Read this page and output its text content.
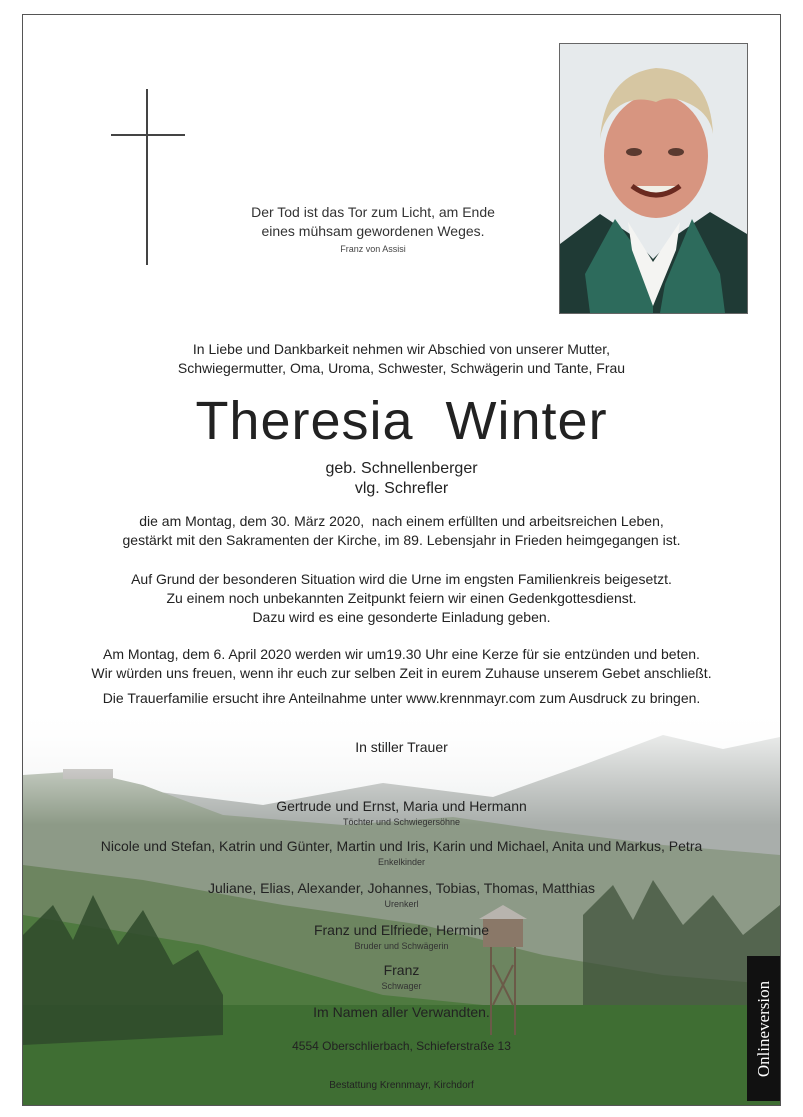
Der Tod ist das Tor zum Licht, am Ende
eines mühsam gewordenen Weges.
Franz von Assisi
In Liebe und Dankbarkeit nehmen wir Abschied von unserer Mutter,
Schwiegermutter, Oma, Uroma, Schwester, Schwägerin und Tante, Frau
Theresia  Winter
geb. Schnellenberger
vlg. Schrefler
die am Montag, dem 30. März 2020,  nach einem erfüllten und arbeitsreichen Leben,
gestärkt mit den Sakramenten der Kirche, im 89. Lebensjahr in Frieden heimgegangen ist.
Auf Grund der besonderen Situation wird die Urne im engsten Familienkreis beigesetzt.
Zu einem noch unbekannten Zeitpunkt feiern wir einen Gedenkgottesdienst.
Dazu wird es eine gesonderte Einladung geben.
Am Montag, dem 6. April 2020 werden wir um19.30 Uhr eine Kerze für sie entzünden und beten.
Wir würden uns freuen, wenn ihr euch zur selben Zeit in eurem Zuhause unserem Gebet anschließt.
Die Trauerfamilie ersucht ihre Anteilnahme unter www.krennmayr.com zum Ausdruck zu bringen.
In stiller Trauer
Gertrude und Ernst, Maria und Hermann
Töchter und Schwiegersöhne
Nicole und Stefan, Katrin und Günter, Martin und Iris, Karin und Michael, Anita und Markus, Petra
Enkelkinder
Juliane, Elias, Alexander, Johannes, Tobias, Thomas, Matthias
Urenkerl
Franz und Elfriede, Hermine
Bruder und Schwägerin
Franz
Schwager
Im Namen aller Verwandten.
4554 Oberschlierbach, Schieferstraße 13
Bestattung Krennmayr, Kirchdorf
Onlineversion
